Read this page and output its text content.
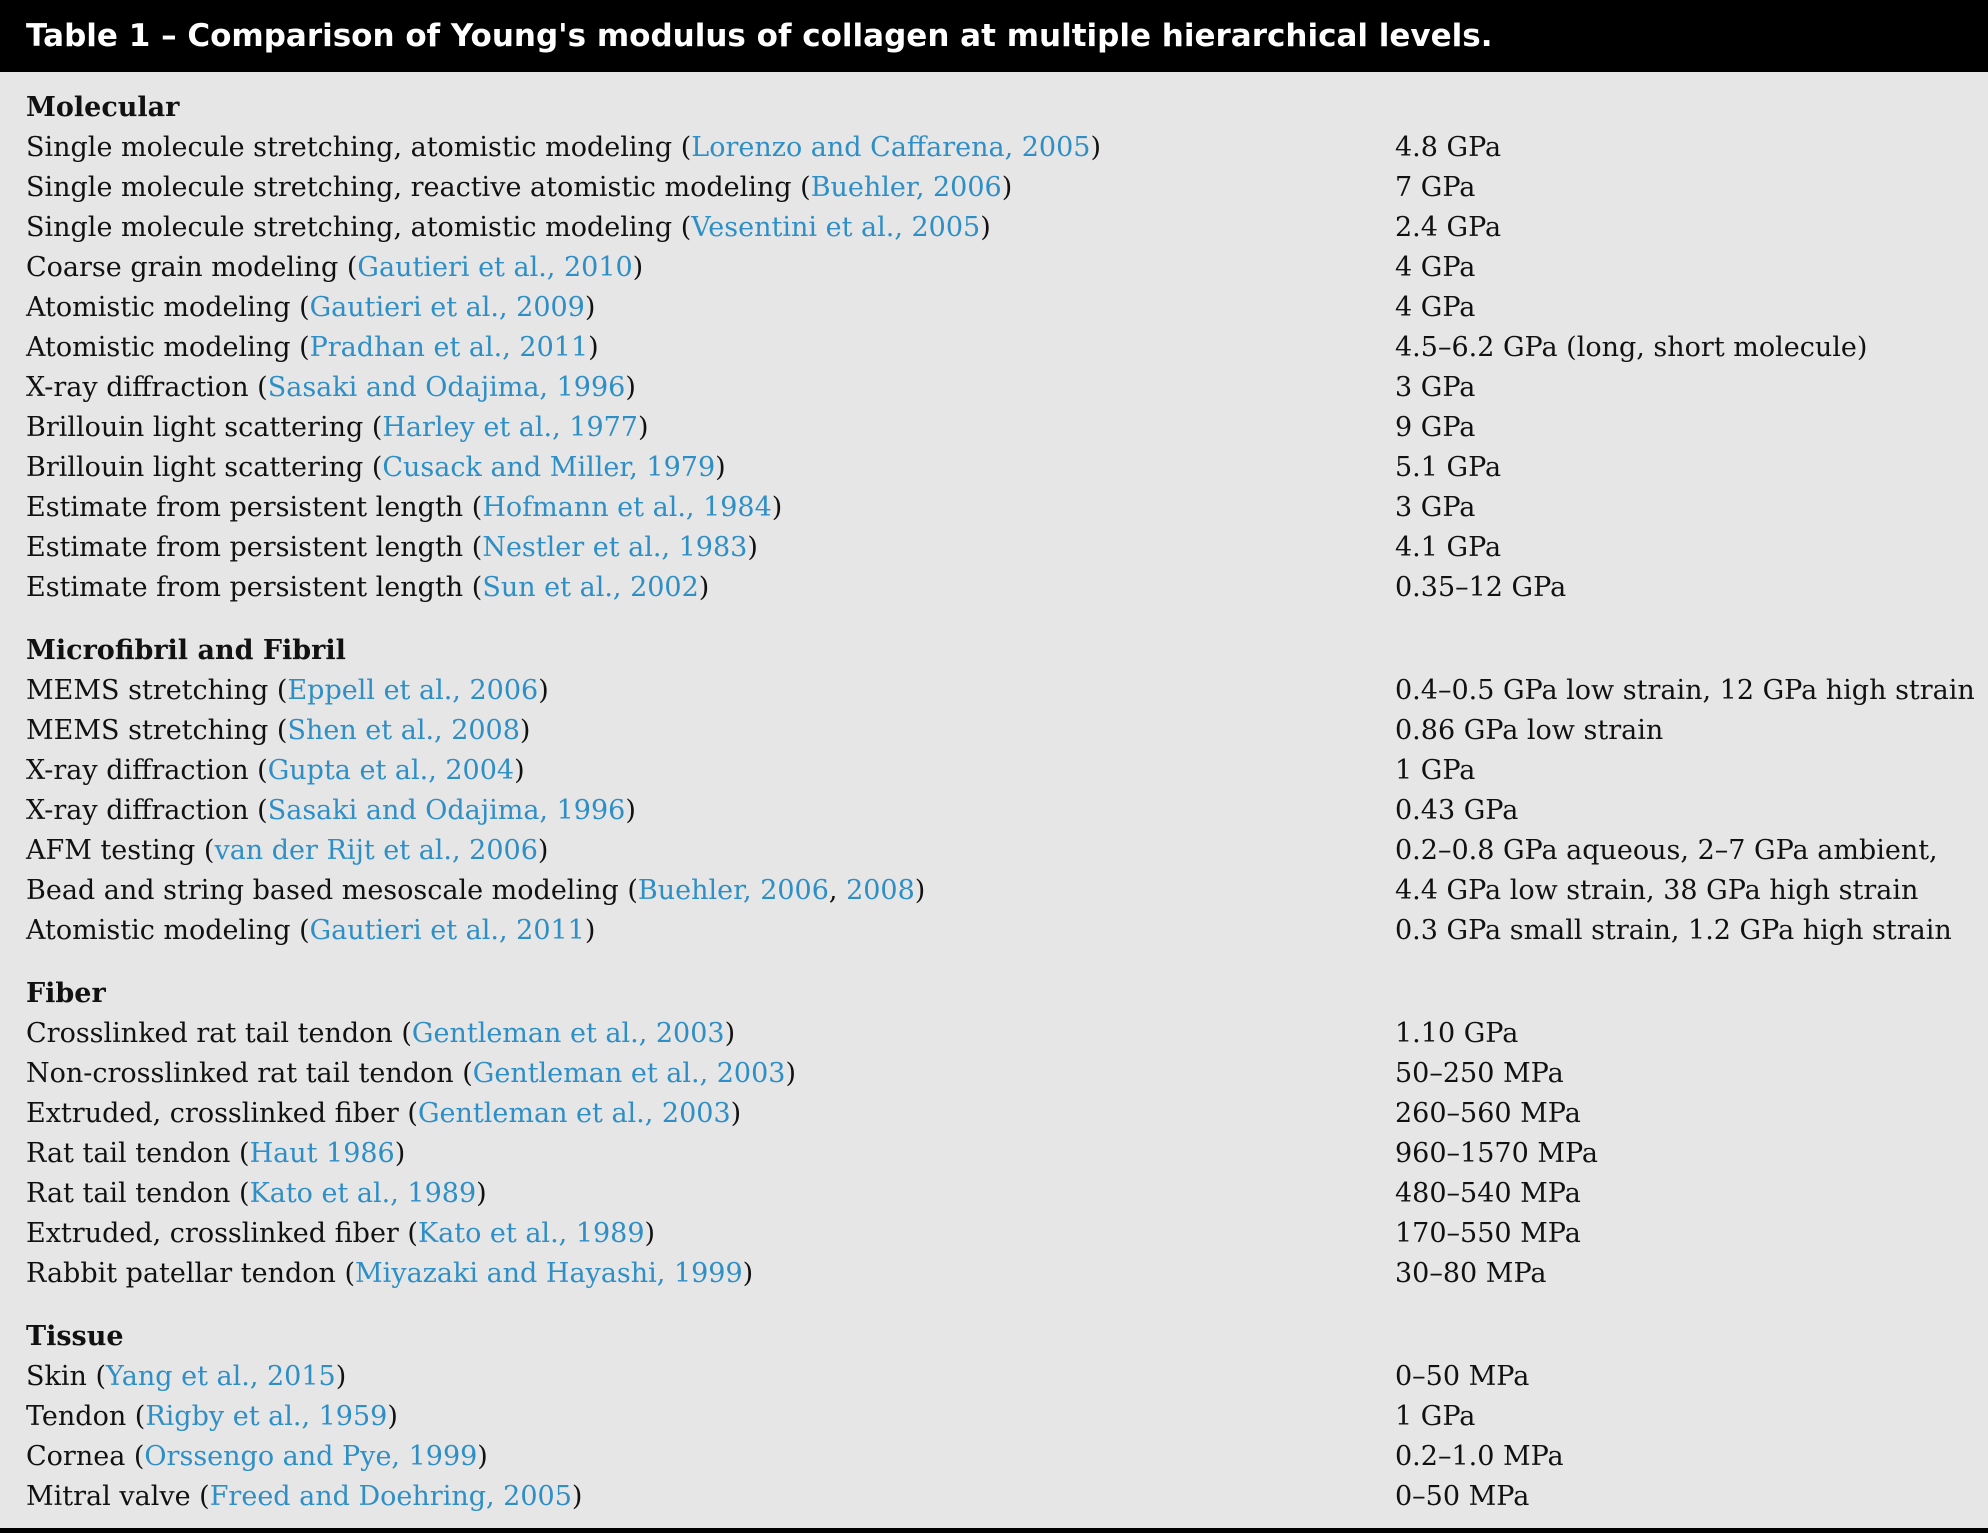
Table 1 – Comparison of Young's modulus of collagen at multiple hierarchical levels.
Molecular
Single molecule stretching, atomistic modeling (Lorenzo and Caffarena, 2005)	4.8 GPa
Single molecule stretching, reactive atomistic modeling (Buehler, 2006)	7 GPa
Single molecule stretching, atomistic modeling (Vesentini et al., 2005)	2.4 GPa
Coarse grain modeling (Gautieri et al., 2010)	4 GPa
Atomistic modeling (Gautieri et al., 2009)	4 GPa
Atomistic modeling (Pradhan et al., 2011)	4.5–6.2 GPa (long, short molecule)
X-ray diffraction (Sasaki and Odajima, 1996)	3 GPa
Brillouin light scattering (Harley et al., 1977)	9 GPa
Brillouin light scattering (Cusack and Miller, 1979)	5.1 GPa
Estimate from persistent length (Hofmann et al., 1984)	3 GPa
Estimate from persistent length (Nestler et al., 1983)	4.1 GPa
Estimate from persistent length (Sun et al., 2002)	0.35–12 GPa
Microfibril and Fibril
MEMS stretching (Eppell et al., 2006)	0.4–0.5 GPa low strain, 12 GPa high strain
MEMS stretching (Shen et al., 2008)	0.86 GPa low strain
X-ray diffraction (Gupta et al., 2004)	1 GPa
X-ray diffraction (Sasaki and Odajima, 1996)	0.43 GPa
AFM testing (van der Rijt et al., 2006)	0.2–0.8 GPa aqueous, 2–7 GPa ambient,
Bead and string based mesoscale modeling (Buehler, 2006, 2008)	4.4 GPa low strain, 38 GPa high strain
Atomistic modeling (Gautieri et al., 2011)	0.3 GPa small strain, 1.2 GPa high strain
Fiber
Crosslinked rat tail tendon (Gentleman et al., 2003)	1.10 GPa
Non-crosslinked rat tail tendon (Gentleman et al., 2003)	50–250 MPa
Extruded, crosslinked fiber (Gentleman et al., 2003)	260–560 MPa
Rat tail tendon (Haut 1986)	960–1570 MPa
Rat tail tendon (Kato et al., 1989)	480–540 MPa
Extruded, crosslinked fiber (Kato et al., 1989)	170–550 MPa
Rabbit patellar tendon (Miyazaki and Hayashi, 1999)	30–80 MPa
Tissue
Skin (Yang et al., 2015)	0–50 MPa
Tendon (Rigby et al., 1959)	1 GPa
Cornea (Orssengo and Pye, 1999)	0.2–1.0 MPa
Mitral valve (Freed and Doehring, 2005)	0–50 MPa
